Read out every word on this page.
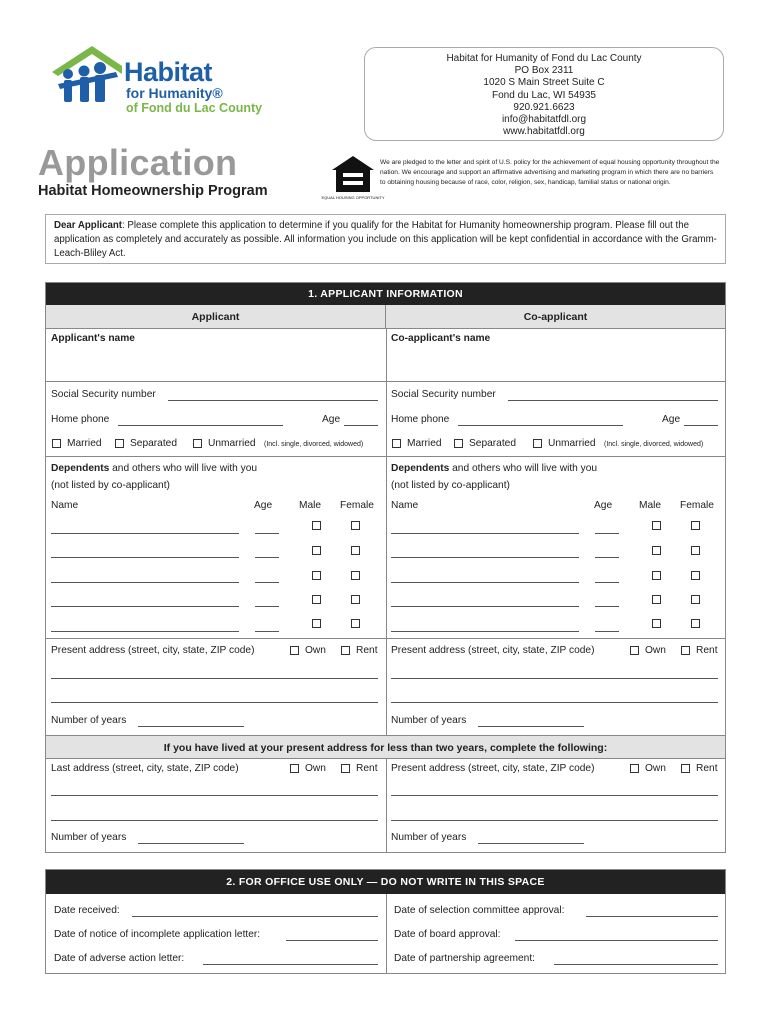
Habitat
for Humanity®
of Fond du Lac County
Habitat for Humanity of Fond du Lac County
PO Box 2311
1020 S Main Street Suite C
Fond du Lac, WI 54935
920.921.6623
info@habitatfdl.org
www.habitatfdl.org
Application
Habitat Homeownership Program	EQUAL HOUSING OPPORTUNITY
We are pledged to the letter and spirit of U.S. policy for the achievement of equal housing opportunity throughout the nation. We encourage and support an affirmative advertising and marketing program in which there are no barriers to obtaining housing because of race, color, religion, sex, handicap, familial status or national origin.
Dear Applicant: Please complete this application to determine if you qualify for the Habitat for Humanity homeownership program. Please fill out the application as completely and accurately as possible. All information you include on this application will be kept confidential in accordance with the Gramm-Leach-Bliley Act.
1. APPLICANT INFORMATION
Applicant	Co-applicant
Applicant's name	Co-applicant's name
Social Security number	Social Security number
Home phone	Age	Home phone	Age
Married	Separated	Unmarried (Incl. single, divorced, widowed)	Married	Separated	Unmarried (Incl. single, divorced, widowed)
Dependents and others who will live with you
(not listed by co-applicant)
Dependents and others who will live with you
(not listed by co-applicant)
Name	Age	Male Female Name	Age	Male Female
Present address (street, city, state, ZIP code)	Own	Rent
Number of years
Present address (street, city, state, ZIP code)	Own	Rent
Number of years
If you have lived at your present address for less than two years, complete the following:
Last address (street, city, state, ZIP code)	Own	Rent
Number of years
Present address (street, city, state, ZIP code)	Own	Rent
Number of years
2. FOR OFFICE USE ONLY — DO NOT WRITE IN THIS SPACE
Date received:
Date of notice of incomplete application letter:
Date of adverse action letter:
Date of selection committee approval:
Date of board approval:
Date of partnership agreement:
